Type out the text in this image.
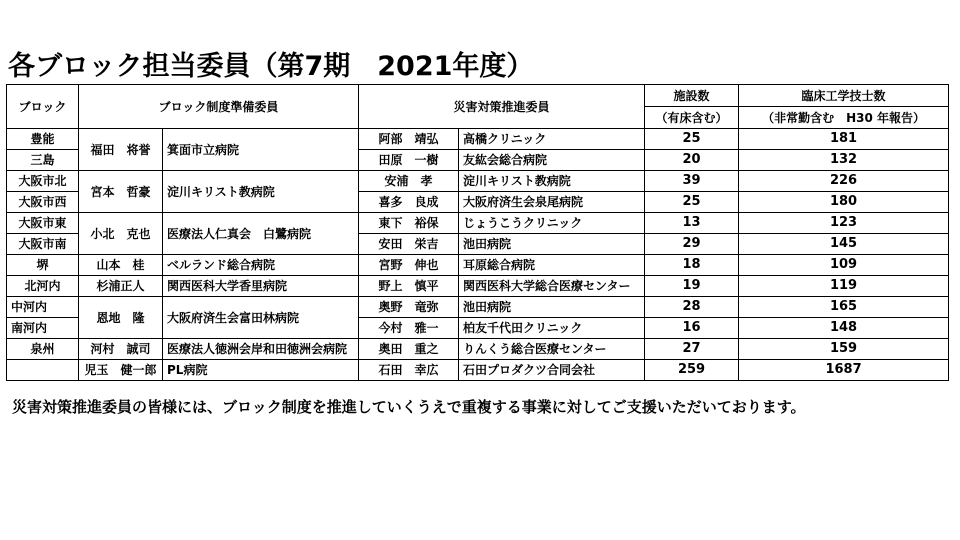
各ブロック担当委員（第7期　2021年度）
ブロック	ブロック制度準備委員		災害対策推進委員		施設数	臨床工学技士数
					（有床含む）	（非常勤含む　H30 年報告）
豊能	福田　将誉	箕面市立病院	阿部　靖弘	高橋クリニック	25	181
三島			田原　一樹	友紘会総合病院	20	132
大阪市北	宮本　哲豪	淀川キリスト教病院	安浦　孝	淀川キリスト教病院	39	226
大阪市西			喜多　良成	大阪府済生会泉尾病院	25	180
大阪市東	小北　克也	医療法人仁真会　白鷺病院	東下　裕保	じょうこうクリニック	13	123
大阪市南			安田　栄吉	池田病院	29	145
堺	山本　桂	ベルランド総合病院	宮野　伸也	耳原総合病院	18	109
北河内	杉浦正人	関西医科大学香里病院	野上　慎平	関西医科大学総合医療センター	19	119
中河内	恩地　隆	大阪府済生会富田林病院	奥野　竜弥	池田病院	28	165
南河内			今村　雅一	柏友千代田クリニック	16	148
泉州	河村　誠司	医療法人徳洲会岸和田徳洲会病院	奥田　重之	りんくう総合医療センター	27	159
	児玉　健一郎	PL病院	石田　幸広	石田プロダクツ合同会社	259	1687
災害対策推進委員の皆様には、ブロック制度を推進していくうえで重複する事業に対してご支援いただいております。
